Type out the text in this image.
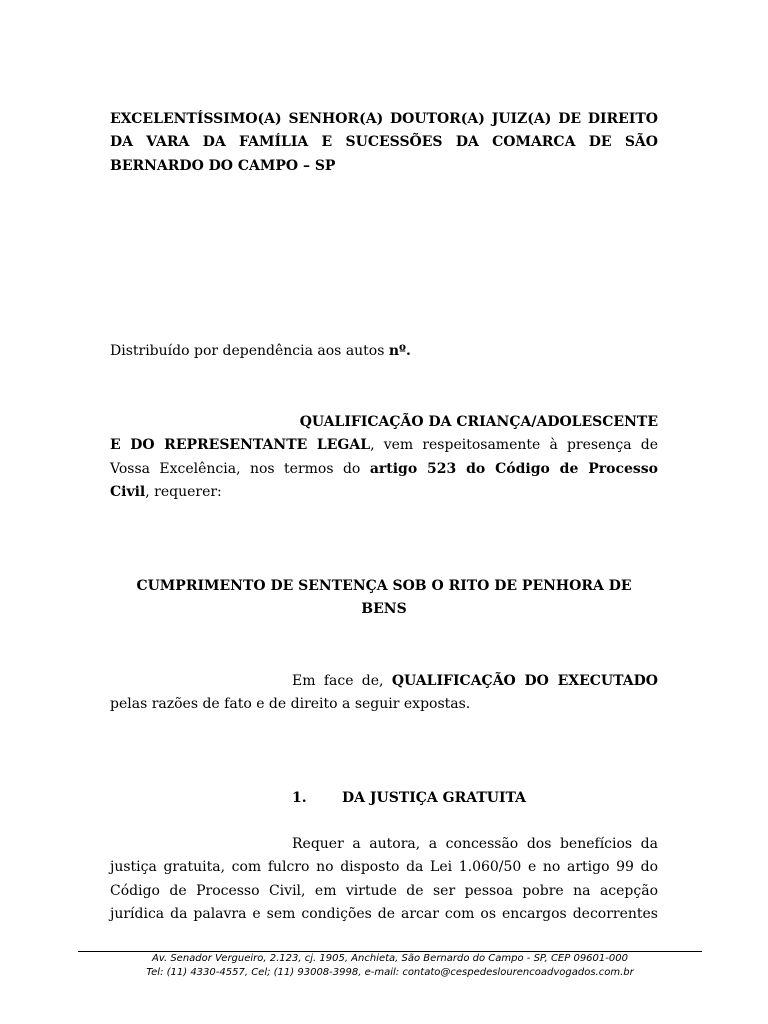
EXCELENTÍSSIMO(A) SENHOR(A) DOUTOR(A) JUIZ(A) DE DIREITO
DA VARA DA FAMÍLIA E SUCESSÕES DA COMARCA DE SÃO
BERNARDO DO CAMPO – SP

Distribuído por dependência aos autos nº.

QUALIFICAÇÃO DA CRIANÇA/ADOLESCENTE
E DO REPRESENTANTE LEGAL, vem respeitosamente à presença de
Vossa Excelência, nos termos do artigo 523 do Código de Processo
Civil, requerer:
CUMPRIMENTO DE SENTENÇA SOB O RITO DE PENHORA DE
BENS
Em face de, QUALIFICAÇÃO DO EXECUTADO
pelas razões de fato e de direito a seguir expostas.
1.	DA JUSTIÇA GRATUITA
Requer a autora, a concessão dos benefícios da
justiça gratuita, com fulcro no disposto da Lei 1.060/50 e no artigo 99 do
Código de Processo Civil, em virtude de ser pessoa pobre na acepção
jurídica da palavra e sem condições de arcar com os encargos decorrentes
Av. Senador Vergueiro, 2.123, cj. 1905, Anchieta, São Bernardo do Campo - SP, CEP 09601-000
Tel: (11) 4330-4557, Cel; (11) 93008-3998, e-mail: contato@cespedeslourencoadvogados.com.br
